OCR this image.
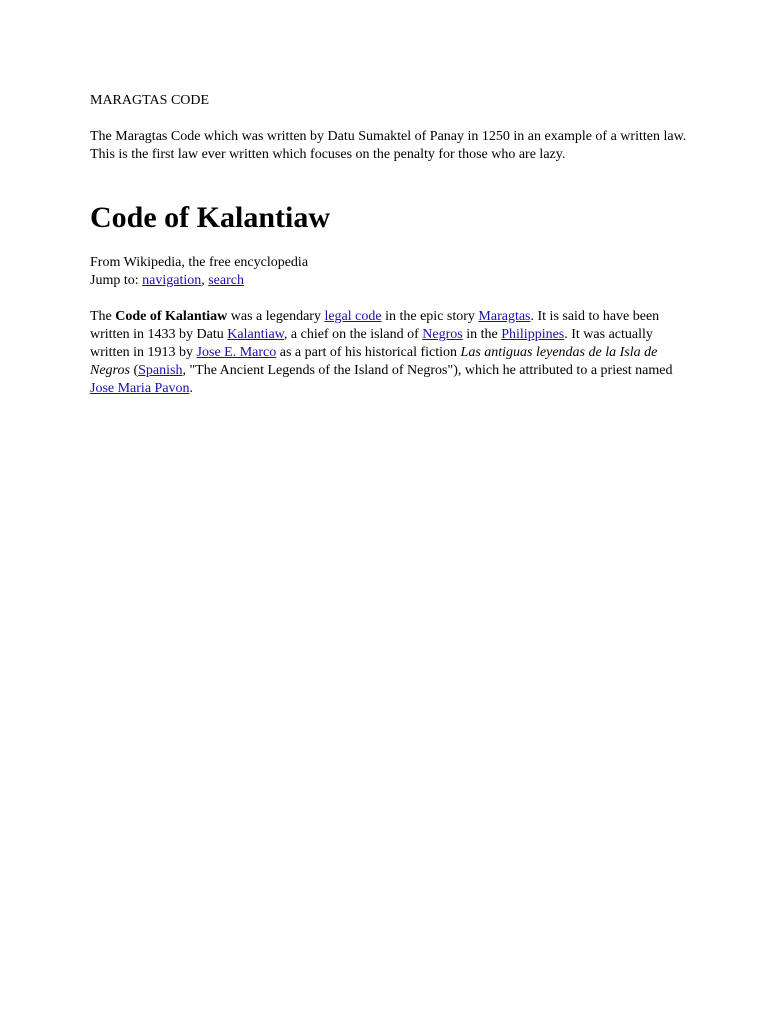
MARAGTAS CODE

The Maragtas Code which was written by Datu Sumaktel of Panay in 1250 in an example of a written law. This is the first law ever written which focuses on the penalty for those who are lazy.

Code of Kalantiaw

From Wikipedia, the free encyclopedia

Jump to: navigation, search

The Code of Kalantiaw was a legendary legal code in the epic story Maragtas. It is said to have been written in 1433 by Datu Kalantiaw, a chief on the island of Negros in the Philippines. It was actually written in 1913 by Jose E. Marco as a part of his historical fiction Las antiguas leyendas de la Isla de Negros (Spanish, "The Ancient Legends of the Island of Negros"), which he attributed to a priest named Jose Maria Pavon.
